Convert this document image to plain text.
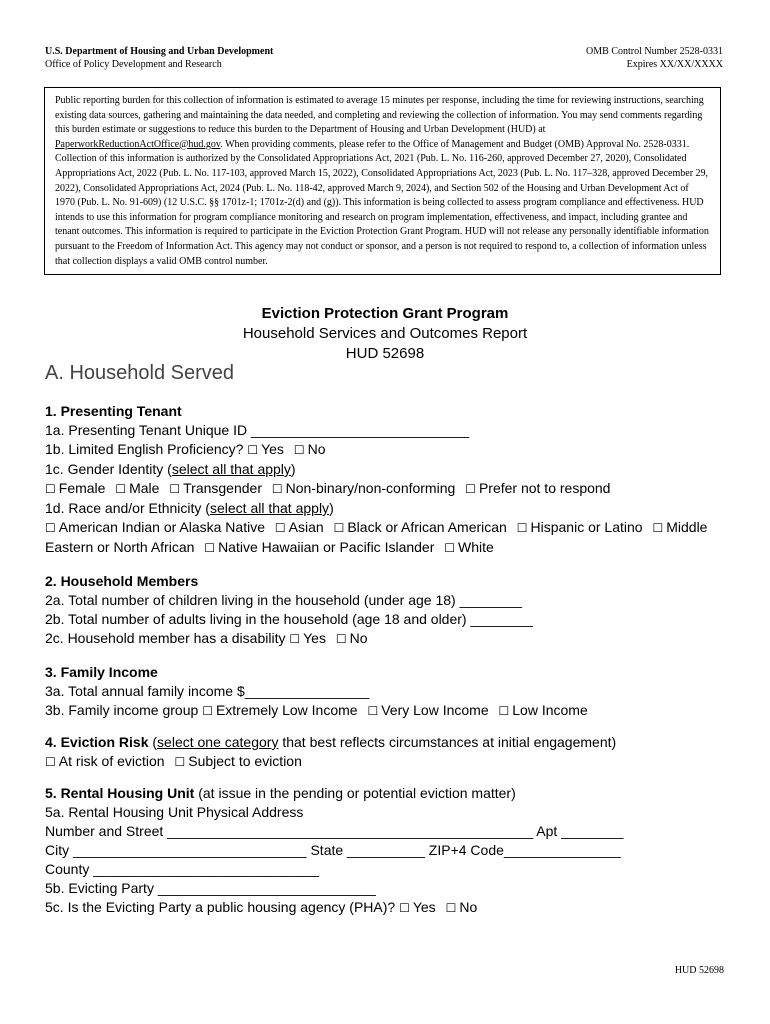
U.S. Department of Housing and Urban Development
Office of Policy Development and Research
OMB Control Number 2528-0331
Expires XX/XX/XXXX
Public reporting burden for this collection of information is estimated to average 15 minutes per response, including the time for reviewing instructions, searching existing data sources, gathering and maintaining the data needed, and completing and reviewing the collection of information. You may send comments regarding this burden estimate or suggestions to reduce this burden to the Department of Housing and Urban Development (HUD) at PaperworkReductionActOffice@hud.gov. When providing comments, please refer to the Office of Management and Budget (OMB) Approval No. 2528-0331. Collection of this information is authorized by the Consolidated Appropriations Act, 2021 (Pub. L. No. 116-260, approved December 27, 2020), Consolidated Appropriations Act, 2022 (Pub. L. No. 117-103, approved March 15, 2022), Consolidated Appropriations Act, 2023 (Pub. L. No. 117–328, approved December 29, 2022), Consolidated Appropriations Act, 2024 (Pub. L. No. 118-42, approved March 9, 2024), and Section 502 of the Housing and Urban Development Act of 1970 (Pub. L. No. 91-609) (12 U.S.C. §§ 1701z-1; 1701z-2(d) and (g)). This information is being collected to assess program compliance and effectiveness. HUD intends to use this information for program compliance monitoring and research on program implementation, effectiveness, and impact, including grantee and tenant outcomes. This information is required to participate in the Eviction Protection Grant Program. HUD will not release any personally identifiable information pursuant to the Freedom of Information Act. This agency may not conduct or sponsor, and a person is not required to respond to, a collection of information unless that collection displays a valid OMB control number.
Eviction Protection Grant Program
Household Services and Outcomes Report
HUD 52698
A. Household Served
1. Presenting Tenant
1a. Presenting Tenant Unique ID ____________________________
1b. Limited English Proficiency? ☐ Yes ☐ No
1c. Gender Identity (select all that apply)
☐ Female ☐ Male ☐ Transgender ☐ Non-binary/non-conforming ☐ Prefer not to respond
1d. Race and/or Ethnicity (select all that apply)
☐ American Indian or Alaska Native ☐ Asian ☐ Black or African American ☐ Hispanic or Latino ☐ Middle
Eastern or North African ☐ Native Hawaiian or Pacific Islander ☐ White
2. Household Members
2a. Total number of children living in the household (under age 18) ________
2b. Total number of adults living in the household (age 18 and older) ________
2c. Household member has a disability ☐ Yes ☐ No
3. Family Income
3a. Total annual family income $________________
3b. Family income group ☐ Extremely Low Income ☐ Very Low Income ☐ Low Income
4. Eviction Risk (select one category that best reflects circumstances at initial engagement)
☐ At risk of eviction ☐ Subject to eviction
5. Rental Housing Unit (at issue in the pending or potential eviction matter)
5a. Rental Housing Unit Physical Address
Number and Street _______________________________________________ Apt ________
City ______________________________ State __________ ZIP+4 Code_______________
County _____________________________
5b. Evicting Party ____________________________
5c. Is the Evicting Party a public housing agency (PHA)? ☐ Yes ☐ No
HUD 52698
